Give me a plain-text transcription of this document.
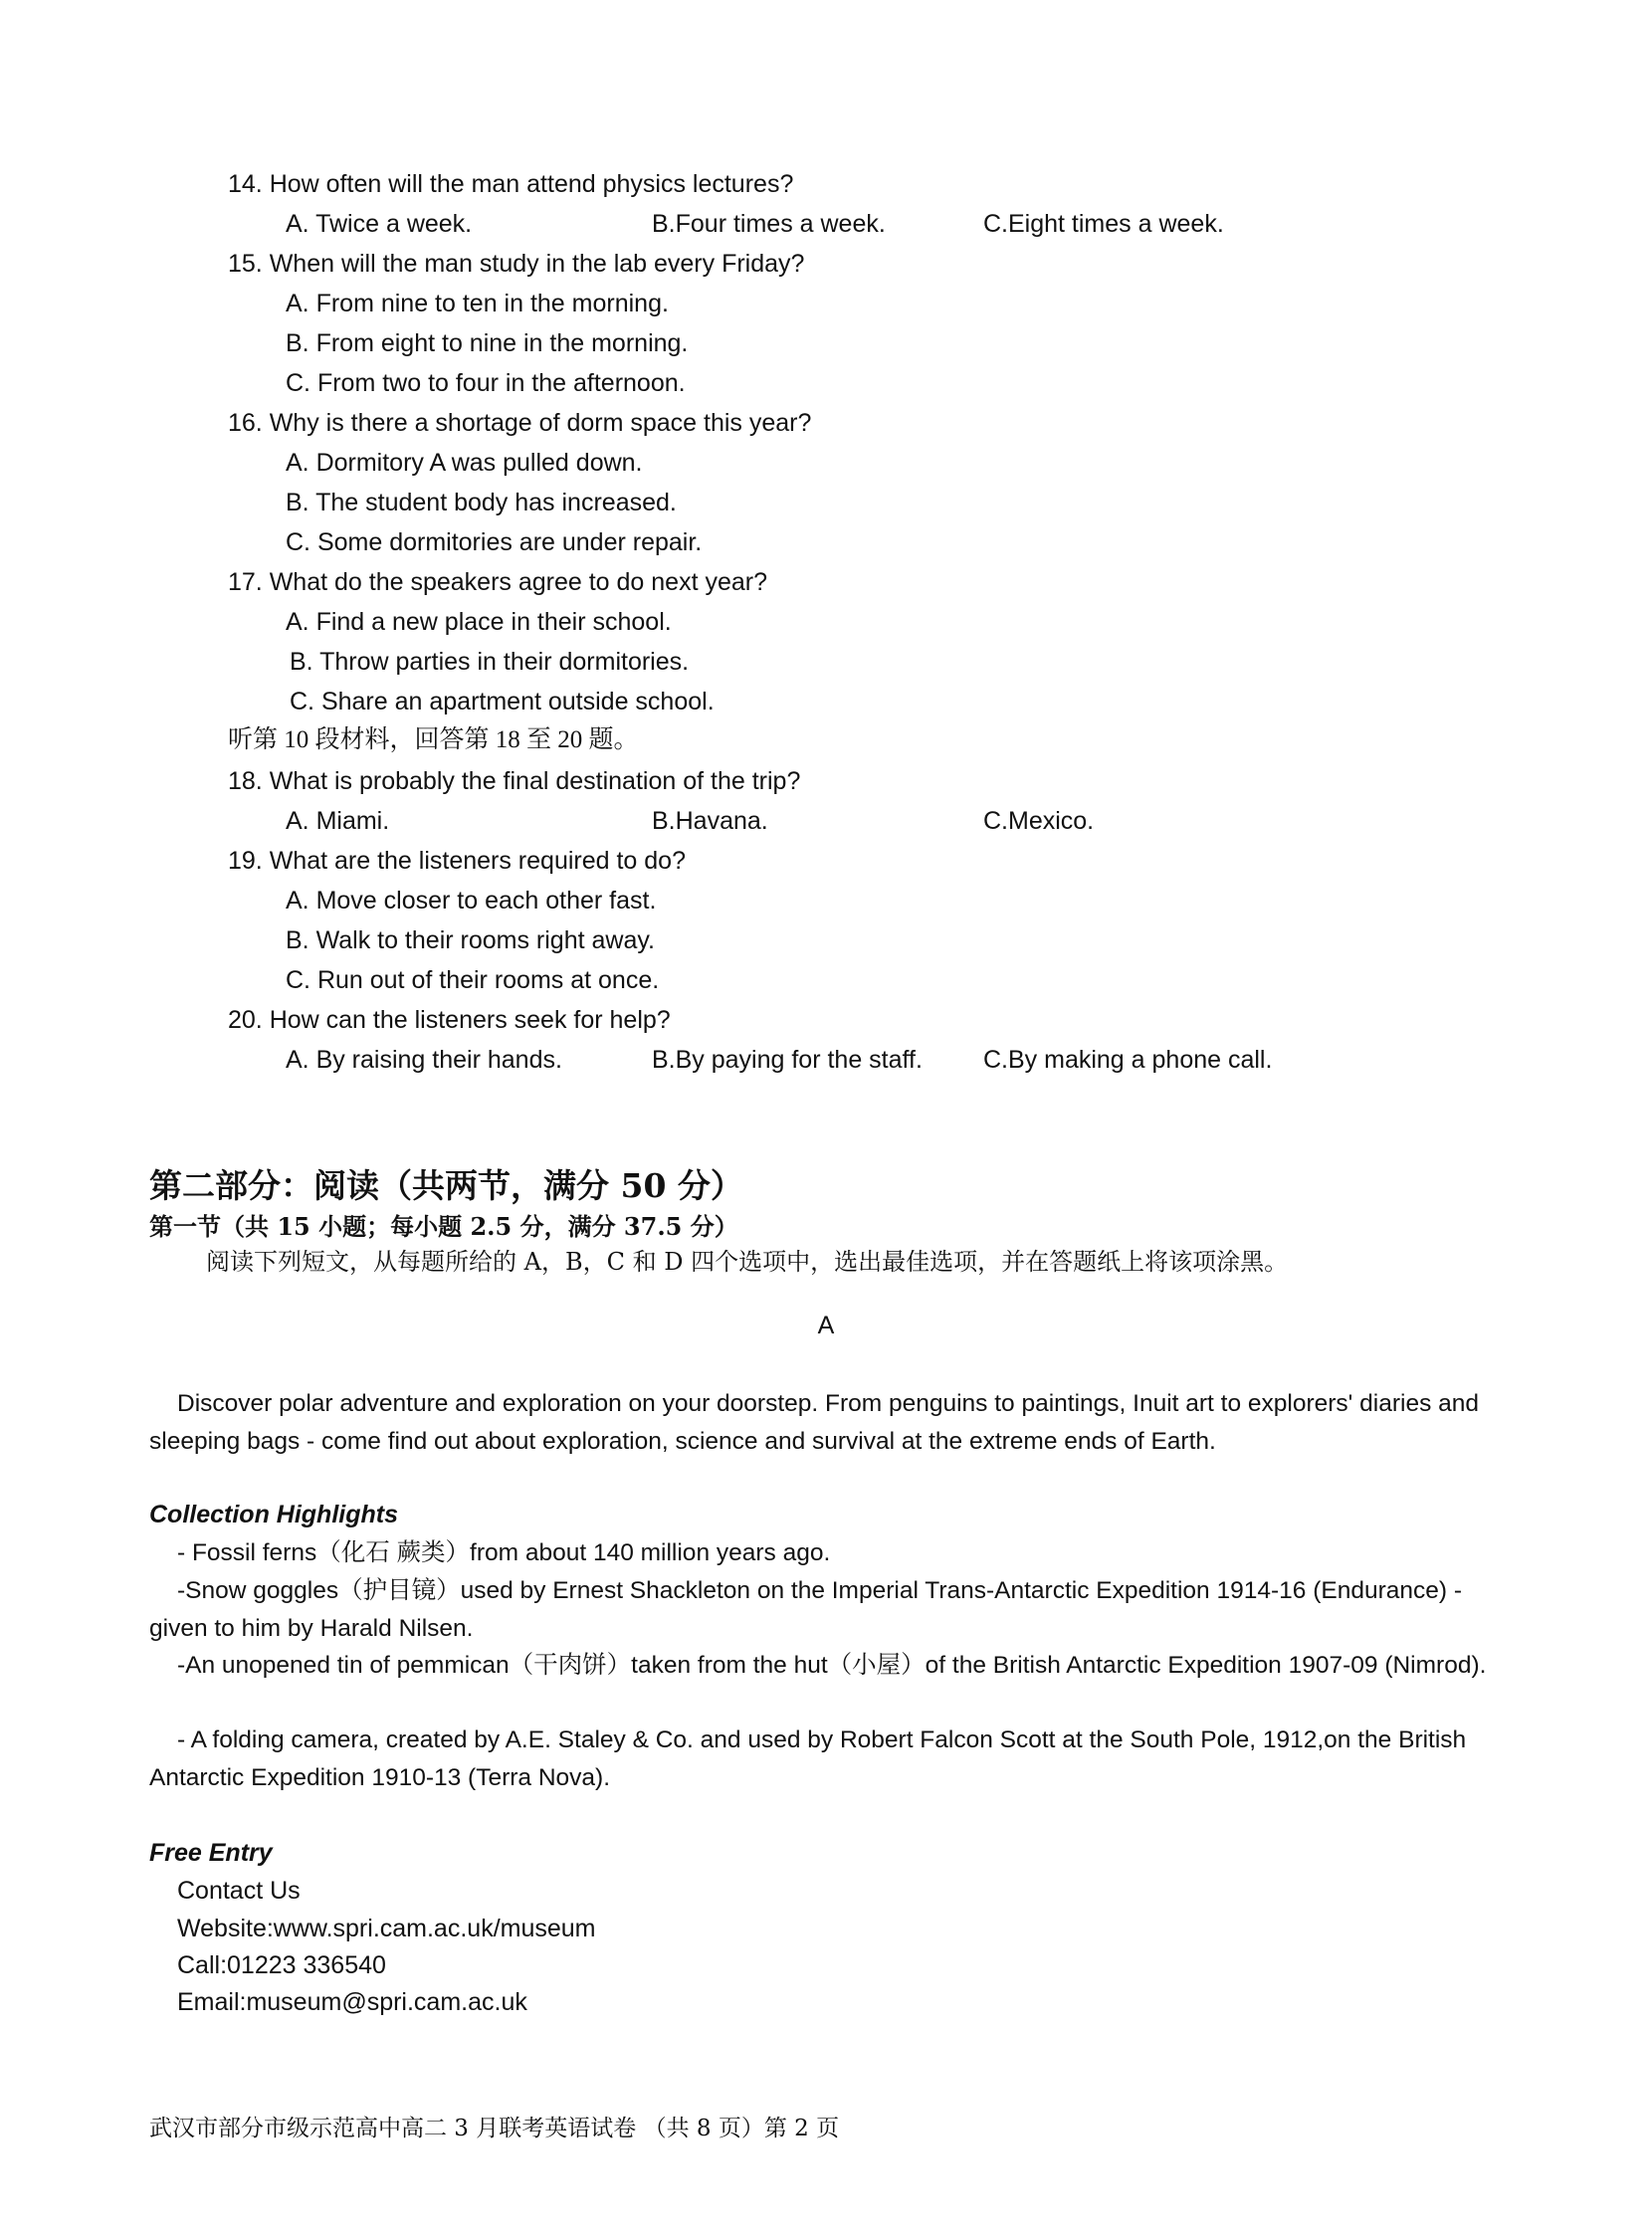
14. How often will the man attend physics lectures?
A. Twice a week.	B.Four times a week.	C.Eight times a week.
15. When will the man study in the lab every Friday?
A. From nine to ten in the morning.
B. From eight to nine in the morning.
C. From two to four in the afternoon.
16. Why is there a shortage of dorm space this year?
A. Dormitory A was pulled down.
B. The student body has increased.
C. Some dormitories are under repair.
17. What do the speakers agree to do next year?
A. Find a new place in their school.
B. Throw parties in their dormitories.
C. Share an apartment outside school.
听第 10 段材料，回答第 18 至 20 题。
18. What is probably the final destination of the trip?
A. Miami.	B.Havana.	C.Mexico.
19. What are the listeners required to do?
A. Move closer to each other fast.
B. Walk to their rooms right away.
C. Run out of their rooms at once.
20. How can the listeners seek for help?
A. By raising their hands.	B.By paying for the staff. C.By making a phone call.
第二部分：阅读（共两节，满分 50 分）
第一节（共 15 小题；每小题 2.5 分，满分 37.5 分）
阅读下列短文，从每题所给的 A，B，C 和 D 四个选项中，选出最佳选项，并在答题纸上将该项涂黑。
A
Discover polar adventure and exploration on your doorstep. From penguins to paintings, Inuit art to explorers' diaries and sleeping bags - come find out about exploration, science and survival at the extreme ends of Earth.
Collection Highlights
- Fossil ferns（化石 蕨类）from about 140 million years ago.
-Snow goggles（护目镜）used by Ernest Shackleton on the Imperial Trans-Antarctic Expedition 1914-16 (Endurance) - given to him by Harald Nilsen.
-An unopened tin of pemmican（干肉饼）taken from the hut（小屋）of the British Antarctic Expedition 1907-09 (Nimrod).
- A folding camera, created by A.E. Staley & Co. and used by Robert Falcon Scott at the South Pole, 1912,on the British Antarctic Expedition 1910-13 (Terra Nova).
Free Entry
Contact Us
Website:www.spri.cam.ac.uk/museum
Call:01223 336540
Email:museum@spri.cam.ac.uk
武汉市部分市级示范高中高二 3 月联考英语试卷 （共 8 页）第 2 页
